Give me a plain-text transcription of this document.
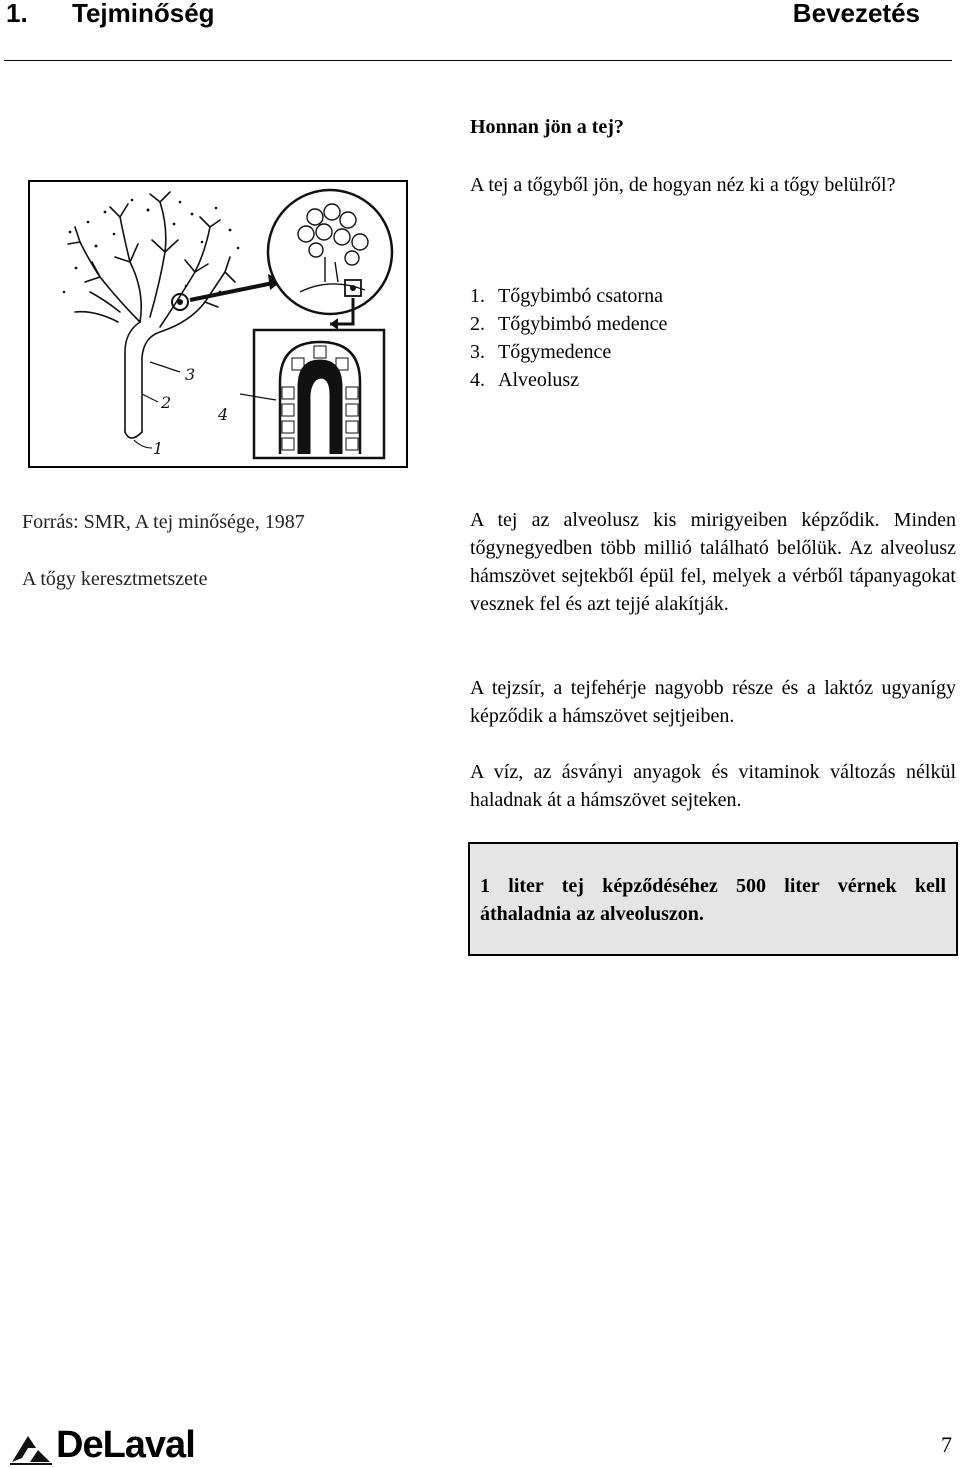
1. Tejminőség	Bevezetés
Honnan jön a tej?
A tej a tőgyből jön, de hogyan néz ki a tőgy belülről?
1. Tőgybimbó csatorna
2. Tőgybimbó medence
3. Tőgymedence
4. Alveolusz
1
2
3
4
Forrás: SMR, A tej minősége, 1987
A tőgy keresztmetszete

A tej az alveolusz kis mirigyeiben képződik. Minden tőgynegyedben több millió található belőlük. Az alveolusz hámszövet sejtekből épül fel, melyek a vérből tápanyagokat vesznek fel és azt tejjé alakítják.

A tejzsír, a tejfehérje nagyobb része és a laktóz ugyanígy képződik a hámszövet sejtjeiben.

A víz, az ásványi anyagok és vitaminok változás nélkül haladnak át a hámszövet sejteken.

1 liter tej képződéséhez 500 liter vérnek kell áthaladnia az alveoluszon.
DeLaval	7
